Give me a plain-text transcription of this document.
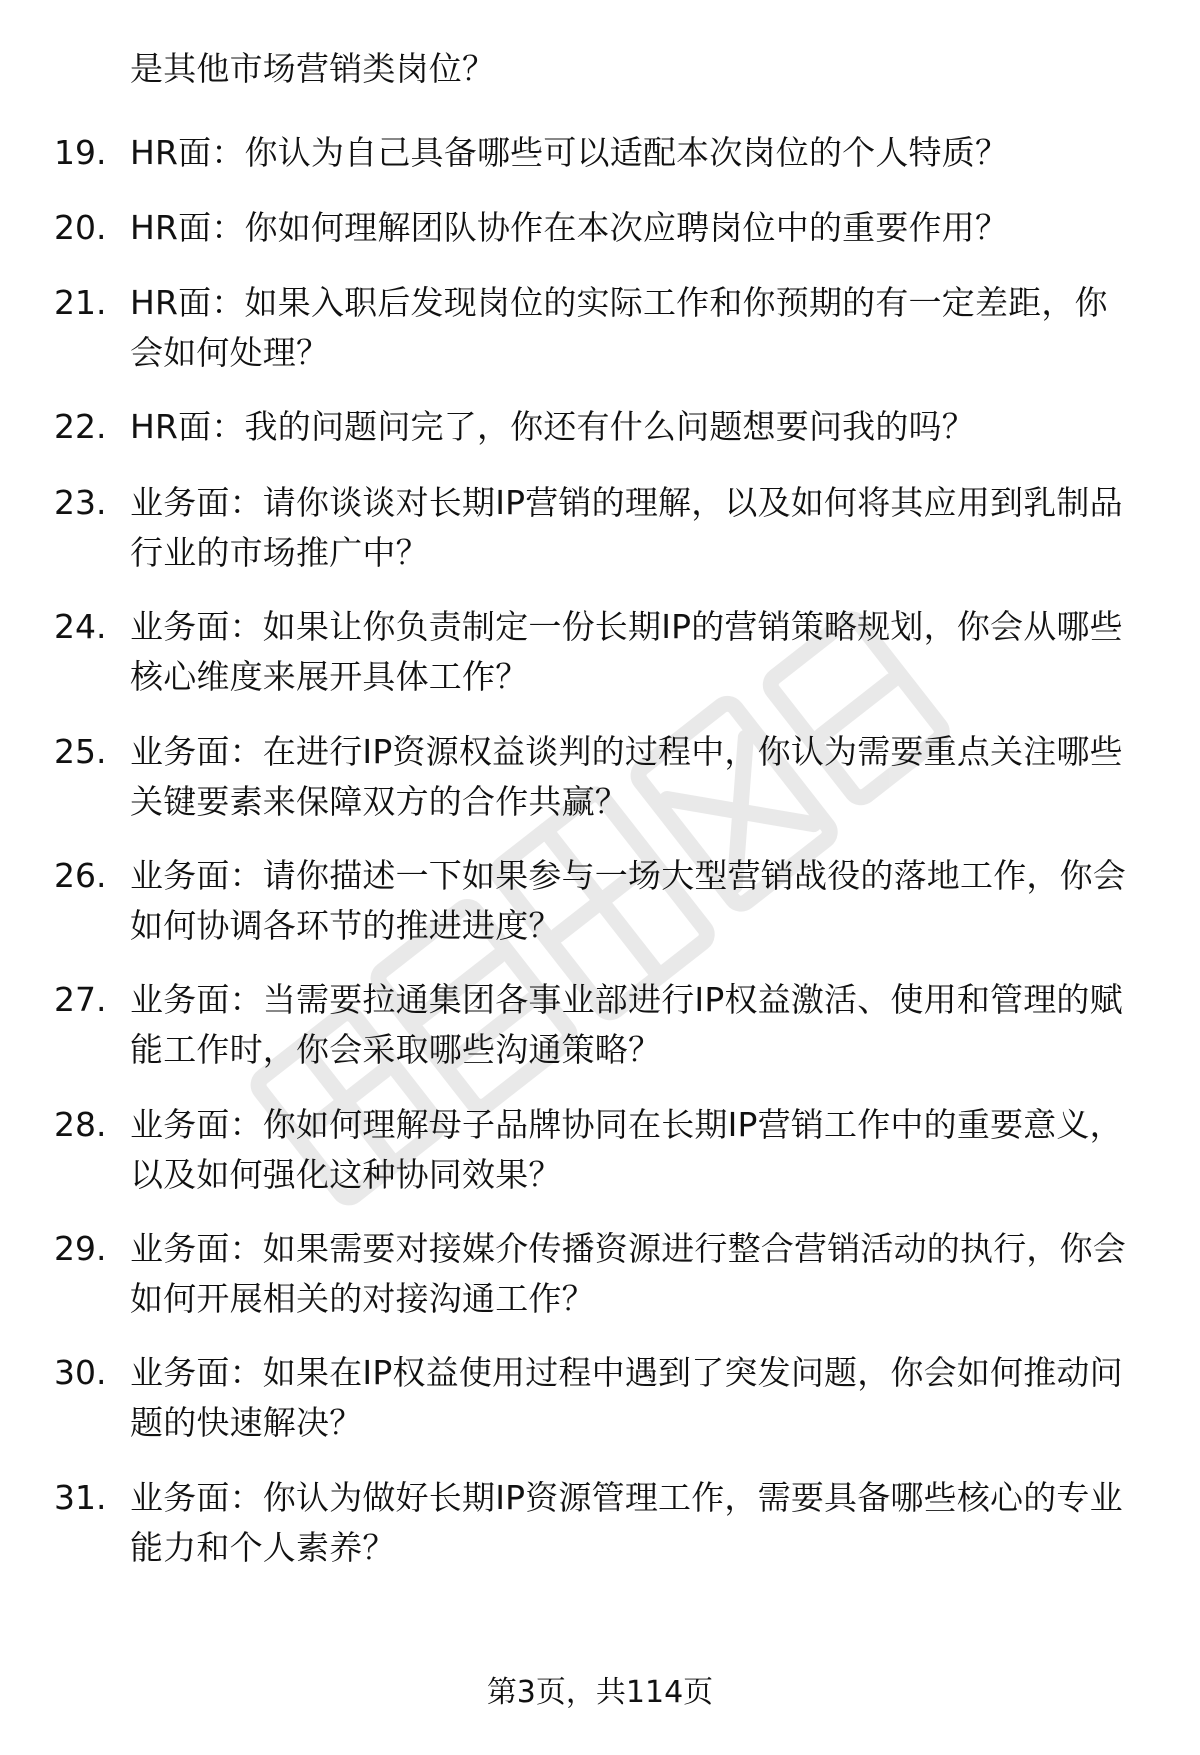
是其他市场营销类岗位？
19. HR面：你认为自己具备哪些可以适配本次岗位的个人特质？
20. HR面：你如何理解团队协作在本次应聘岗位中的重要作用？
21. HR面：如果入职后发现岗位的实际工作和你预期的有一定差距，你会如何处理？
22. HR面：我的问题问完了，你还有什么问题想要问我的吗？
23. 业务面：请你谈谈对长期IP营销的理解，以及如何将其应用到乳制品行业的市场推广中？
24. 业务面：如果让你负责制定一份长期IP的营销策略规划，你会从哪些核心维度来展开具体工作？
25. 业务面：在进行IP资源权益谈判的过程中，你认为需要重点关注哪些关键要素来保障双方的合作共赢？
26. 业务面：请你描述一下如果参与一场大型营销战役的落地工作，你会如何协调各环节的推进进度？
27. 业务面：当需要拉通集团各事业部进行IP权益激活、使用和管理的赋能工作时，你会采取哪些沟通策略？
28. 业务面：你如何理解母子品牌协同在长期IP营销工作中的重要意义，以及如何强化这种协同效果？
29. 业务面：如果需要对接媒介传播资源进行整合营销活动的执行，你会如何开展相关的对接沟通工作？
30. 业务面：如果在IP权益使用过程中遇到了突发问题，你会如何推动问题的快速解决？
31. 业务面：你认为做好长期IP资源管理工作，需要具备哪些核心的专业能力和个人素养？
第3页，共114页
